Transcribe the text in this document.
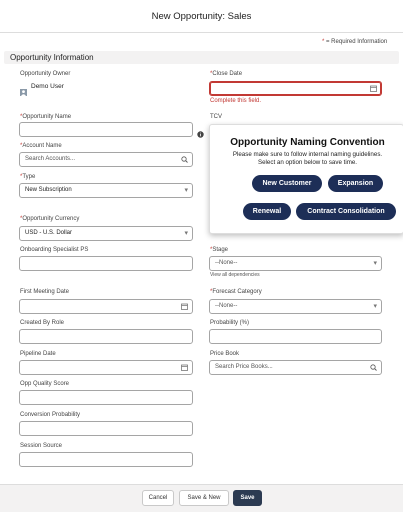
New Opportunity: Sales
* = Required Information
Opportunity Information
Opportunity Owner
Demo User
*Close Date
Complete this field.
*Opportunity Name	TCV
*Account Name
Search Accounts...
*Type
New Subscription	▾
*Opportunity Currency
USD - U.S. Dollar	▾
Onboarding Specialist PS	*Stage
--None--	▾
View all dependencies
First Meeting Date	*Forecast Category
--None--	▾
Created By Role	Probability (%)
Pipeline Date	Price Book
Search Price Books...
Opp Quality Score
Conversion Probability
Session Source
Opportunity Naming Convention
Please make sure to follow internal naming guidelines.
Select an option below to save time.
New Customer	Expansion
Renewal	Contract Consolidation
Cancel	Save & New	Save
